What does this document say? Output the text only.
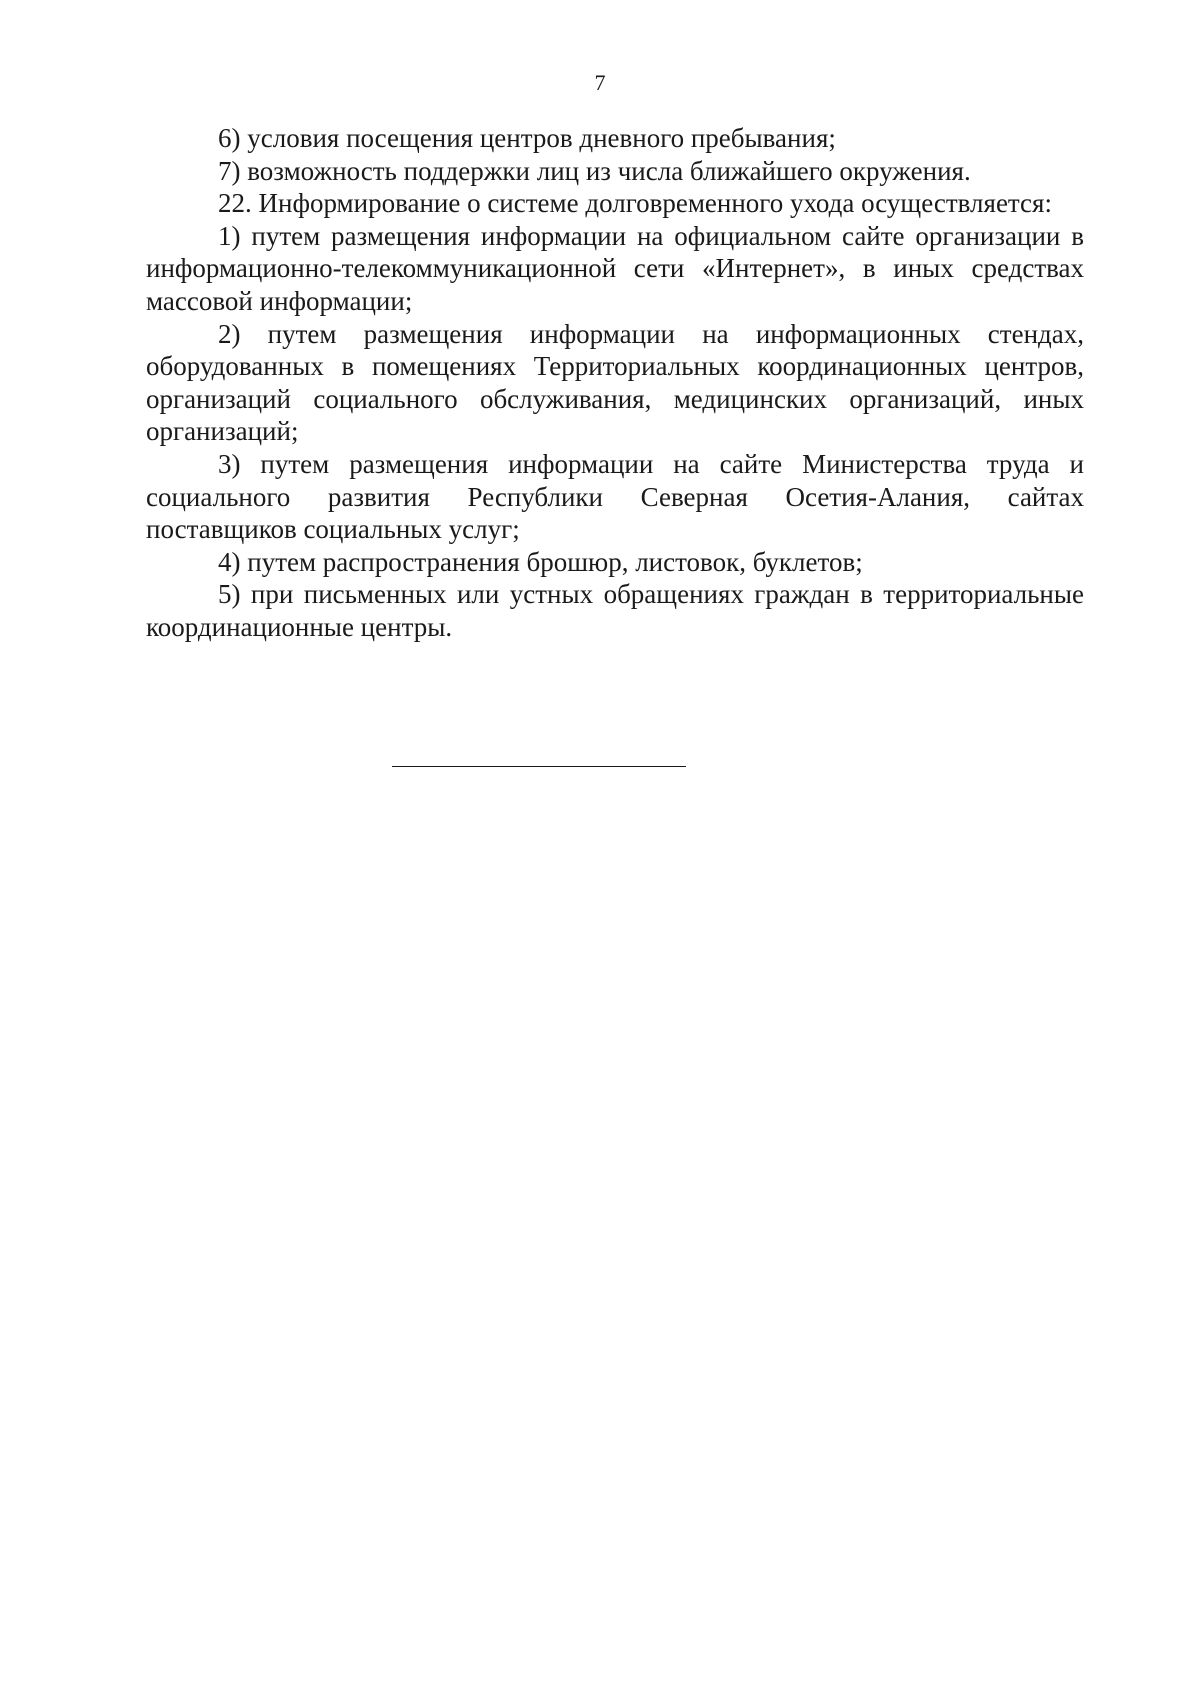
7

6) условия посещения центров дневного пребывания;

7) возможность поддержки лиц из числа ближайшего окружения.

22. Информирование о системе долговременного ухода осуществляется:

1) путем размещения информации на официальном сайте организации в информационно-телекоммуникационной сети «Интернет», в иных средствах массовой информации;

2) путем размещения информации на информационных стендах, оборудованных в помещениях Территориальных координационных центров, организаций социального обслуживания, медицинских организаций, иных организаций;

3) путем размещения информации на сайте Министерства труда и социального развития Республики Северная Осетия-Алания, сайтах поставщиков социальных услуг;

4) путем распространения брошюр, листовок, буклетов;

5) при письменных или устных обращениях граждан в территориальные координационные центры.
